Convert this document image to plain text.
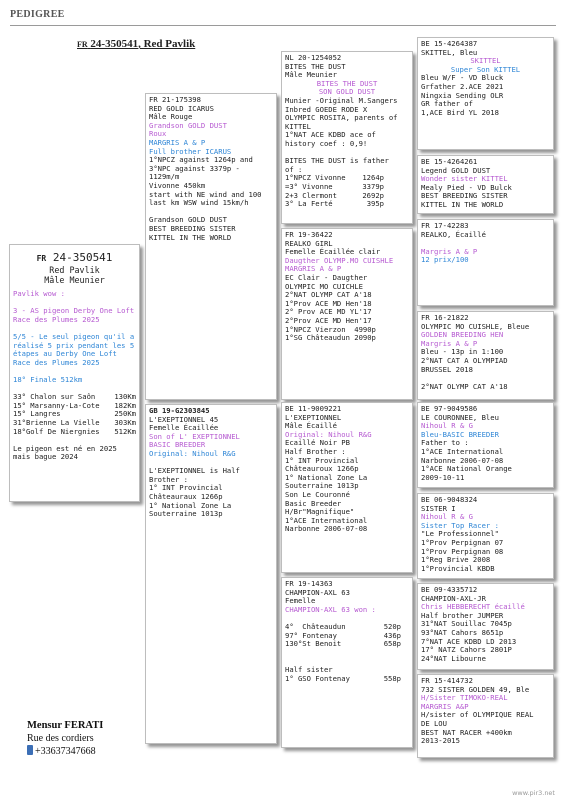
PEDIGREE
FR 24-350541, Red Pavlik
FR 24-350541
Red Pavlik
Mâle Meunier
Pavlik wow :
3 - AS pigeon Derby One Loft Race des Plumes 2025
5/5 - Le seul pigeon qu'il a réalisé 5 prix pendant les 5 étapes au Derby One Loft Race des Plumes 2025
18° Finale 512km
33° Chalon sur Saôn	130Km
15° Marsanny-La-Cote 182Km
15° Langres	250Km
31°Brienne La Vielle 303Km
18°Golf De Niergnies 512Km
Le pigeon est né en 2025 mais bague 2024
FR 21-175398
RED GOLD ICARUS
Mâle Rouge
Grandson GOLD DUST
Roux
MARGRIS A & P
Full brother ICARUS
1°NPCZ against 1264p and
3°NPC against 3379p -
1129m/m
Vivonne 450km
start with NE wind and 100
last km WSW wind 15km/h
Grandson GOLD DUST
BEST BREEDING SISTER
KITTEL IN THE WORLD
GB 19-G2303845
L'EXEPTIONNEL 45
Femelle Écaillée
Son of L' EXEPTIONNEL
BASIC BREEDER
Original: Nihoul R&G
L'EXEPTIONNEL is Half
Brother :
1° INT Provincial
Châteauraux 1266p
1° National Zone La
Souterraine 1013p
NL 20-1254052
BITES THE DUST
Mâle Meunier
BITES THE DUST
SON GOLD DUST
Munier -Original M.Sangers
Inbred GOEDE RODE X
OLYMPIC ROSITA, parents of
KITTEL
1°NAT ACE KDBD ace of
history coef : 0,9!
BITES THE DUST is father
of :
1°NPCZ Vivonne 1264p
=3° Vivonne	3379p
2+3 Clermont	2692p
3° La Ferté	395p
FR 19-36422
REALKO GIRL
Femelle Écaillée clair
Daugther OLYMP.MO CUISHLE
MARGRIS A & P
EC Clair - Daugther
OLYMPIC MO CUICHLE
2°NAT OLYMP CAT A'18
1°Prov ACE MD Hen'18
2° Prov ACE MD YL'17
2°Prov ACE MD Hen'17
1°NPCZ Vierzon  4990p
1°SG Châteaudun 2090p
BE 11-9009221
L'EXEPTIONNEL
Mâle Écaillé
Original: Nihoul R&G
Ecaillé Noir PB
Half Brother :
1° INT Provincial
Châteauroux 1266p
1° National Zone La
Souterraine 1013p
Son Le Couronné
Basic Breeder
H/Br"Magnifique"
1°ACE International
Narbonne 2006-07-08
FR 19-14363
CHAMPION-AXL 63
Femelle
CHAMPION-AXL 63 won :
4°  Châteaudun	520p
97° Fontenay	436p
130°St Benoit	658p
Half sister
1° GSO Fontenay	558p
BE 15-4264387
SKITTEL, Bleu
SKITTEL
Super Son KITTEL
Bleu W/F - VD Bluck
Grfather 2.ACE 2021
Ningxia Sending OLR
GR father of
1,ACE Bird YL 2018
BE 15-4264261
Legend GOLD DUST
Wonder sister KITTEL
Mealy Pied - VD Bulck
BEST BREEDING SISTER
KITTEL IN THE WORLD
FR 17-42283
REALKO, Écaillé
Margris A & P
12 prix/100
FR 16-21822
OLYMPIC MO CUISHLE, Bleue
GOLDEN BREEDING HEN
Margris A & P
Bleu - 13p in 1:100
2°NAT CAT A OLYMPIAD
BRUSSEL 2018
2°NAT OLYMP CAT A'18
BE 97-9049586
LE COURONNEE, Bleu
Nihoul R & G
Bleu-BASIC BREEDER
Father to :
1°ACE International
Narbonne 2006-07-08
1°ACE National Orange
2009-10-11
BE 06-9048324
SISTER I
Nihoul R & G
Sister Top Racer :
"Le Professionnel"
1°Prov Perpignan 07
1°Prov Perpignan 08
1°Reg Brive 2008
1°Provincial KBDB
BE 09-4335712
CHAMPION-AXL-JR
Chris HEBBERECHT écaillé
Half brother JUMPER
31°NAT Souillac 7045p
93°NAT Cahors 8651p
7°NAT ACE KDBD LD 2013
17° NATZ Cahors 2801P
24°NAT Libourne
FR 15-414732
732 SISTER GOLDEN 49, Ble
H/Sister TIMOKO-REAL
MARGRIS A&P
H/sister of OLYMPIQUE REAL
DE LOU
BEST NAT RACER +400km
2013-2015
Mensur FERATI
Rue des cordiers
+33637347668
www.pir3.net
